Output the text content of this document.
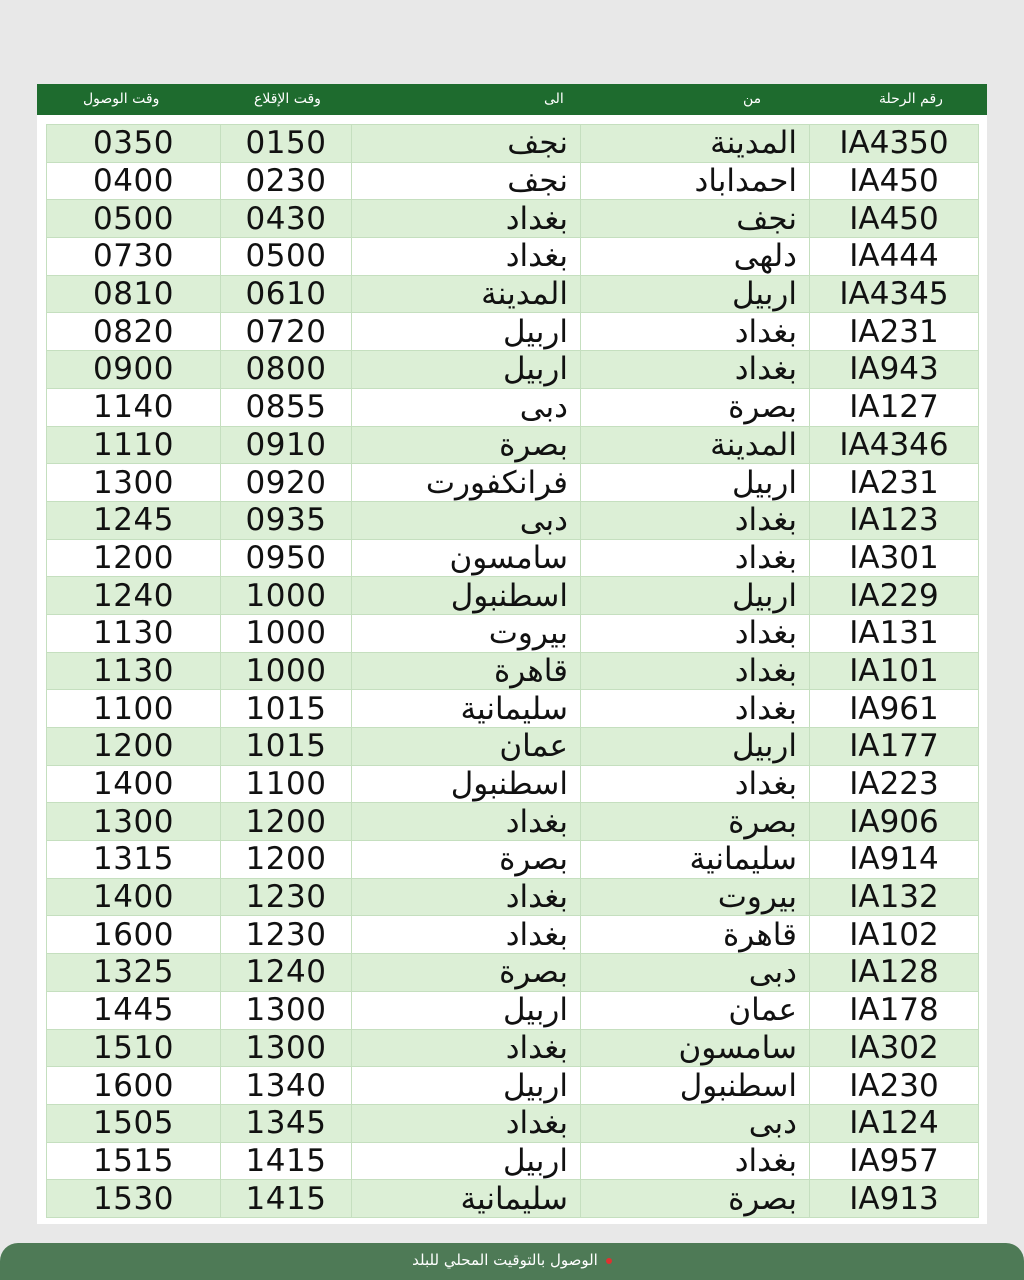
وقت الوصول	وقت الإقلاع	الى	من	رقم الرحلة
0350	0150	نجف	المدينة	IA4350
0400	0230	نجف	احمداباد	IA450
0500	0430	بغداد	نجف	IA450
0730	0500	بغداد	دلهى	IA444
0810	0610	المدينة	اربيل	IA4345
0820	0720	اربيل	بغداد	IA231
0900	0800	اربيل	بغداد	IA943
1140	0855	دبى	بصرة	IA127
1110	0910	بصرة	المدينة	IA4346
1300	0920	فرانكفورت	اربيل	IA231
1245	0935	دبى	بغداد	IA123
1200	0950	سامسون	بغداد	IA301
1240	1000	اسطنبول	اربيل	IA229
1130	1000	بيروت	بغداد	IA131
1130	1000	قاهرة	بغداد	IA101
1100	1015	سليمانية	بغداد	IA961
1200	1015	عمان	اربيل	IA177
1400	1100	اسطنبول	بغداد	IA223
1300	1200	بغداد	بصرة	IA906
1315	1200	بصرة	سليمانية	IA914
1400	1230	بغداد	بيروت	IA132
1600	1230	بغداد	قاهرة	IA102
1325	1240	بصرة	دبى	IA128
1445	1300	اربيل	عمان	IA178
1510	1300	بغداد	سامسون	IA302
1600	1340	اربيل	اسطنبول	IA230
1505	1345	بغداد	دبى	IA124
1515	1415	اربيل	بغداد	IA957
1530	1415	سليمانية	بصرة	IA913
الوصول بالتوقيت المحلي للبلد
